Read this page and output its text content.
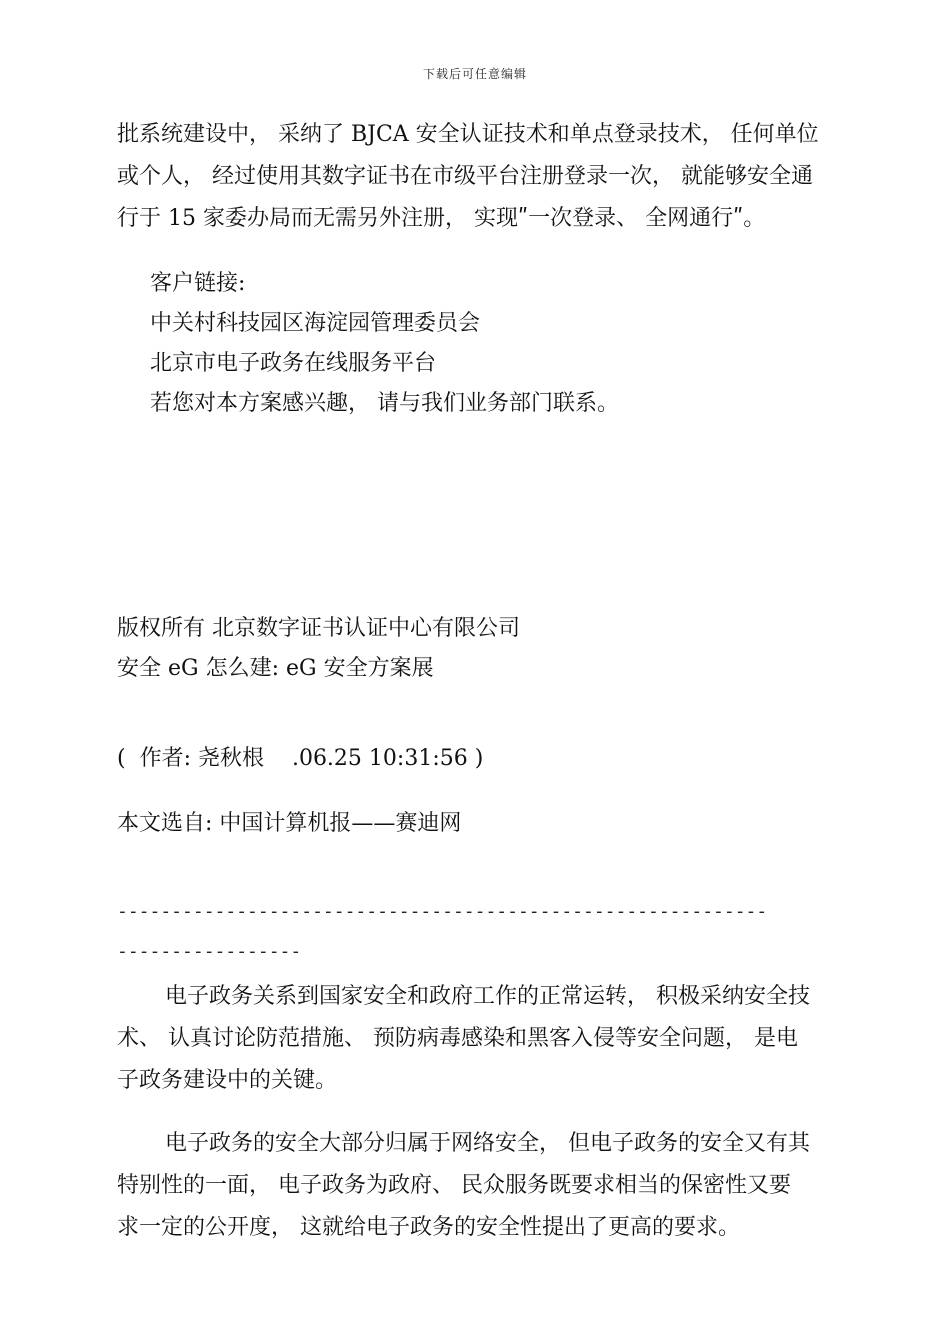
下载后可任意编辑
批系统建设中， 采纳了 BJCA 安全认证技术和单点登录技术， 任何单位
或个人， 经过使用其数字证书在市级平台注册登录一次， 就能够安全通
行于 15 家委办局而无需另外注册， 实现ʺ一次登录、 全网通行ʺ。
客户链接:
中关村科技园区海淀园管理委员会
北京市电子政务在线服务平台
若您对本方案感兴趣， 请与我们业务部门联系。
版权所有 北京数字证书认证中心有限公司
安全 eG 怎么建: eG 安全方案展
(  作者: 尧秋根    .06.25 10:31:56 )
本文选自: 中国计算机报——赛迪网
------------------------------------------------------------
-----------------
电子政务关系到国家安全和政府工作的正常运转， 积极采纳安全技
术、 认真讨论防范措施、 预防病毒感染和黑客入侵等安全问题， 是电
子政务建设中的关键。
电子政务的安全大部分归属于网络安全， 但电子政务的安全又有其
特别性的一面， 电子政务为政府、 民众服务既要求相当的保密性又要
求一定的公开度， 这就给电子政务的安全性提出了更高的要求。
